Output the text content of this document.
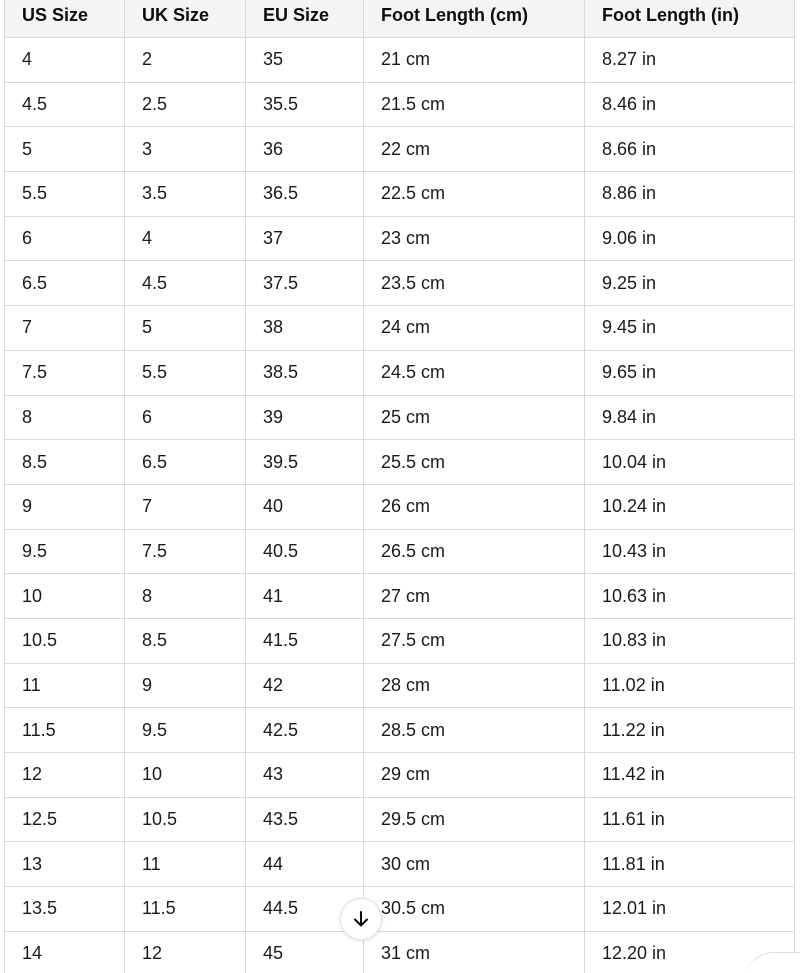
US Size	UK Size	EU Size	Foot Length (cm)	Foot Length (in)
4	2	35	21 cm	8.27 in
4.5	2.5	35.5	21.5 cm	8.46 in
5	3	36	22 cm	8.66 in
5.5	3.5	36.5	22.5 cm	8.86 in
6	4	37	23 cm	9.06 in
6.5	4.5	37.5	23.5 cm	9.25 in
7	5	38	24 cm	9.45 in
7.5	5.5	38.5	24.5 cm	9.65 in
8	6	39	25 cm	9.84 in
8.5	6.5	39.5	25.5 cm	10.04 in
9	7	40	26 cm	10.24 in
9.5	7.5	40.5	26.5 cm	10.43 in
10	8	41	27 cm	10.63 in
10.5	8.5	41.5	27.5 cm	10.83 in
11	9	42	28 cm	11.02 in
11.5	9.5	42.5	28.5 cm	11.22 in
12	10	43	29 cm	11.42 in
12.5	10.5	43.5	29.5 cm	11.61 in
13	11	44	30 cm	11.81 in
13.5	11.5	44.5	30.5 cm	12.01 in
14	12	45	31 cm	12.20 in
